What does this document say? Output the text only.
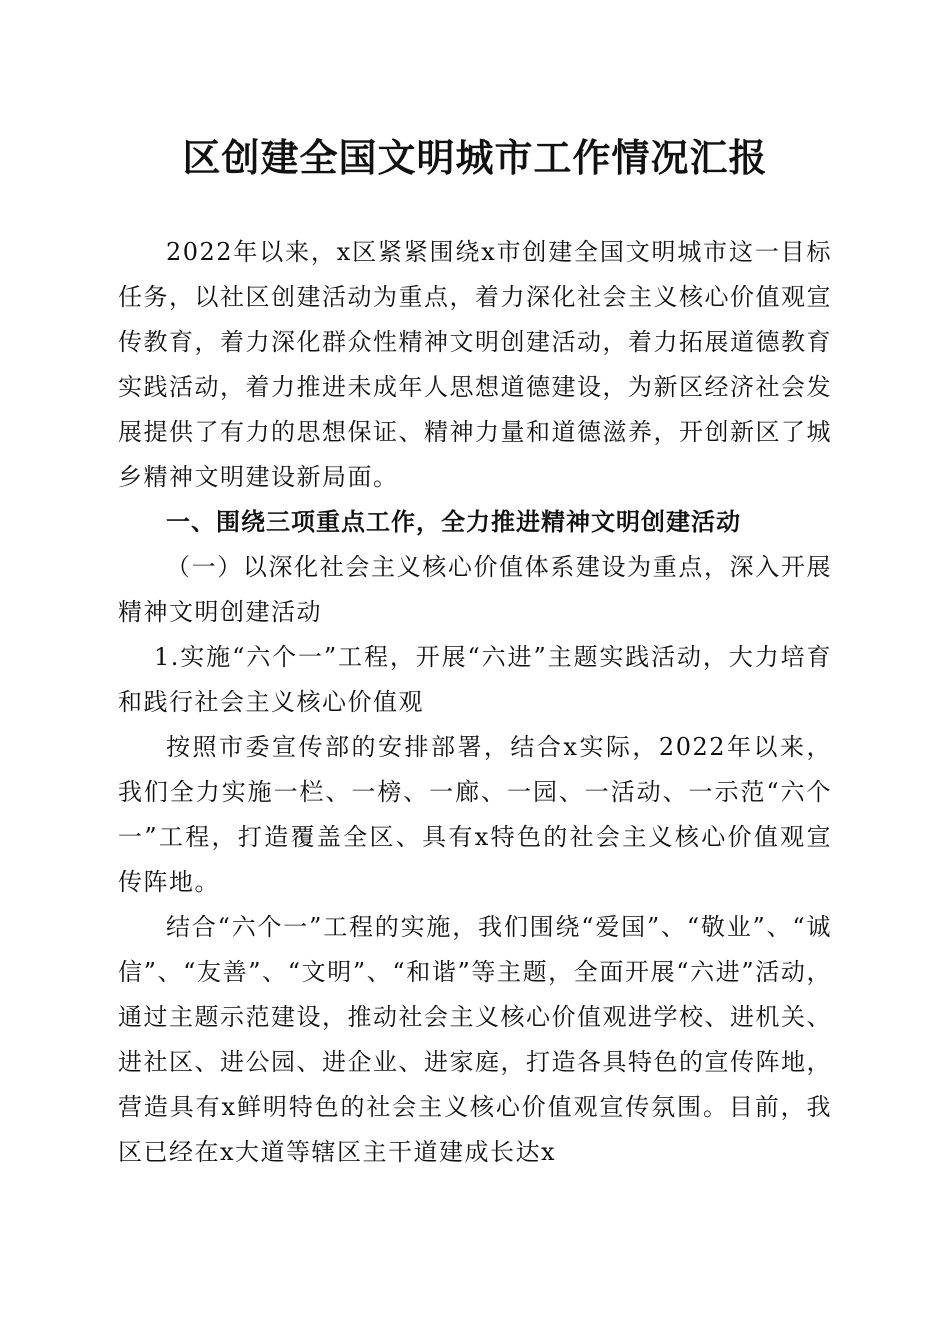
区创建全国文明城市工作情况汇报

2022年以来，x区紧紧围绕x市创建全国文明城市这一目标任务，以社区创建活动为重点，着力深化社会主义核心价值观宣传教育，着力深化群众性精神文明创建活动，着力拓展道德教育实践活动，着力推进未成年人思想道德建设，为新区经济社会发展提供了有力的思想保证、精神力量和道德滋养，开创新区了城乡精神文明建设新局面。

一、围绕三项重点工作，全力推进精神文明创建活动

（一）以深化社会主义核心价值体系建设为重点，深入开展精神文明创建活动

1.实施“六个一”工程，开展“六进”主题实践活动，大力培育和践行社会主义核心价值观

按照市委宣传部的安排部署，结合x实际，2022年以来，我们全力实施一栏、一榜、一廊、一园、一活动、一示范“六个一”工程，打造覆盖全区、具有x特色的社会主义核心价值观宣传阵地。

结合“六个一”工程的实施，我们围绕“爱国”、“敬业”、“诚信”、“友善”、“文明”、“和谐”等主题，全面开展“六进”活动，通过主题示范建设，推动社会主义核心价值观进学校、进机关、进社区、进公园、进企业、进家庭，打造各具特色的宣传阵地，营造具有x鲜明特色的社会主义核心价值观宣传氛围。目前，我区已经在x大道等辖区主干道建成长达x
